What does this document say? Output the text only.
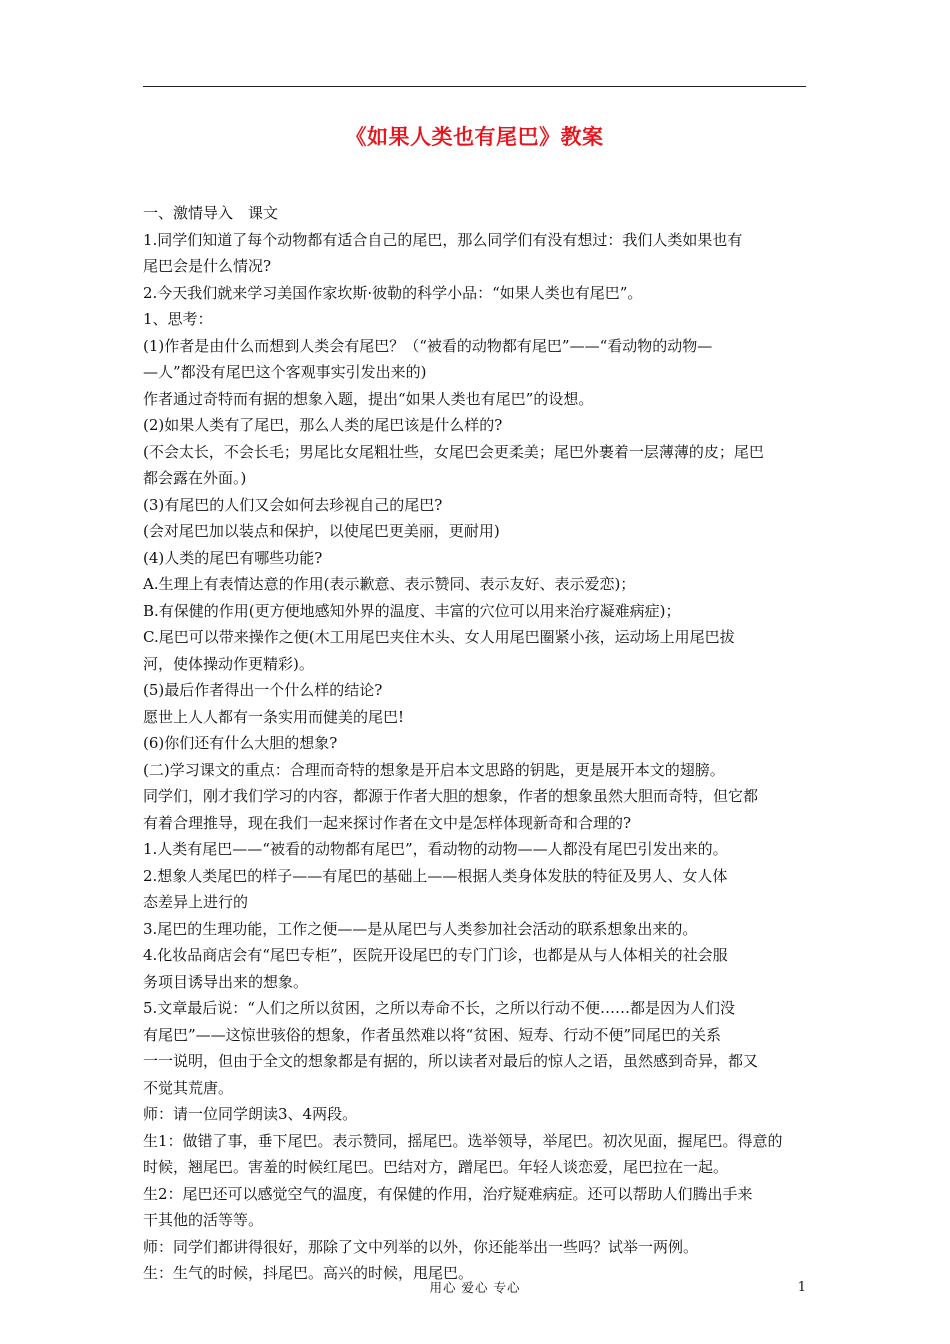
《如果人类也有尾巴》教案
一、激情导入　课文
1.同学们知道了每个动物都有适合自己的尾巴，那么同学们有没有想过：我们人类如果也有
尾巴会是什么情况?
2.今天我们就来学习美国作家坎斯·彼勒的科学小品：“如果人类也有尾巴”。
1、思考：
(1)作者是由什么而想到人类会有尾巴？（“被看的动物都有尾巴”——“看动物的动物—
—人”都没有尾巴这个客观事实引发出来的)
作者通过奇特而有据的想象入题，提出“如果人类也有尾巴”的设想。
(2)如果人类有了尾巴，那么人类的尾巴该是什么样的?
(不会太长，不会长毛；男尾比女尾粗壮些，女尾巴会更柔美；尾巴外裹着一层薄薄的皮；尾巴
都会露在外面。)
(3)有尾巴的人们又会如何去珍视自己的尾巴?
(会对尾巴加以装点和保护，以使尾巴更美丽，更耐用)
(4)人类的尾巴有哪些功能?
A.生理上有表情达意的作用(表示歉意、表示赞同、表示友好、表示爱恋)；
B.有保健的作用(更方便地感知外界的温度、丰富的穴位可以用来治疗凝难病症)；
C.尾巴可以带来操作之便(木工用尾巴夹住木头、女人用尾巴圈紧小孩，运动场上用尾巴拔
河，使体操动作更精彩)。
(5)最后作者得出一个什么样的结论?
愿世上人人都有一条实用而健美的尾巴!
(6)你们还有什么大胆的想象?
(二)学习课文的重点：合理而奇特的想象是开启本文思路的钥匙，更是展开本文的翅膀。
同学们，刚才我们学习的内容，都源于作者大胆的想象，作者的想象虽然大胆而奇特，但它都
有着合理推导，现在我们一起来探讨作者在文中是怎样体现新奇和合理的?
1.人类有尾巴——“被看的动物都有尾巴”，看动物的动物——人都没有尾巴引发出来的。
2.想象人类尾巴的样子——有尾巴的基础上——根据人类身体发肤的特征及男人、女人体
态差异上进行的
3.尾巴的生理功能，工作之便——是从尾巴与人类参加社会活动的联系想象出来的。
4.化妆品商店会有“尾巴专柜”，医院开设尾巴的专门门诊，也都是从与人体相关的社会服
务项目诱导出来的想象。
5.文章最后说：“人们之所以贫困，之所以寿命不长，之所以行动不便……都是因为人们没
有尾巴”——这惊世骇俗的想象，作者虽然难以将“贫困、短寿、行动不便”同尾巴的关系
一一说明，但由于全文的想象都是有据的，所以读者对最后的惊人之语，虽然感到奇异，都又
不觉其荒唐。
师：请一位同学朗读3、4两段。
生1：做错了事，垂下尾巴。表示赞同，摇尾巴。选举领导，举尾巴。初次见面，握尾巴。得意的
时候，翘尾巴。害羞的时候红尾巴。巴结对方，蹭尾巴。年轻人谈恋爱，尾巴拉在一起。
生2：尾巴还可以感觉空气的温度，有保健的作用，治疗疑难病症。还可以帮助人们腾出手来
干其他的活等等。
师：同学们都讲得很好，那除了文中列举的以外，你还能举出一些吗？试举一两例。
生：生气的时候，抖尾巴。高兴的时候，甩尾巴。
用心 爱心 专心	1
